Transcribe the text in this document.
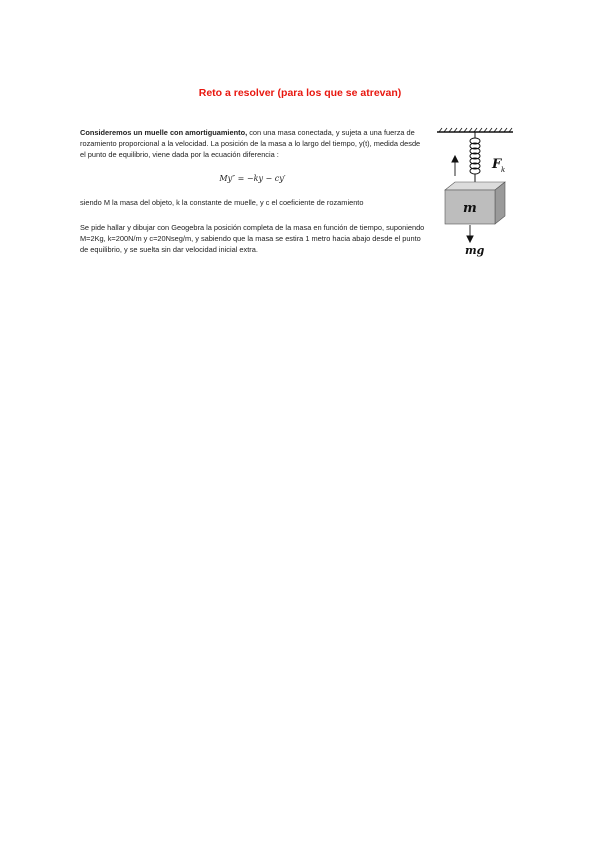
Reto a resolver (para los que se atrevan)
Consideremos un muelle con amortiguamiento, con una masa conectada, y sujeta a una fuerza de rozamiento proporcional a la velocidad. La posición de la masa a lo largo del tiempo, y(t), medida desde el punto de equilibrio, viene dada por la ecuación diferencia :
My″ = −ky − cy′
siendo M la masa del objeto, k la constante de muelle, y c el coeficiente de rozamiento
Se pide hallar y dibujar con Geogebra la posición completa de la masa en función de tiempo, suponiendo M=2Kg, k=200N/m y c=20Nseg/m, y sabiendo que la masa se estira 1 metro hacia abajo desde el punto de equilibrio, y se suelta sin dar velocidad inicial extra.
F k
m
mg
